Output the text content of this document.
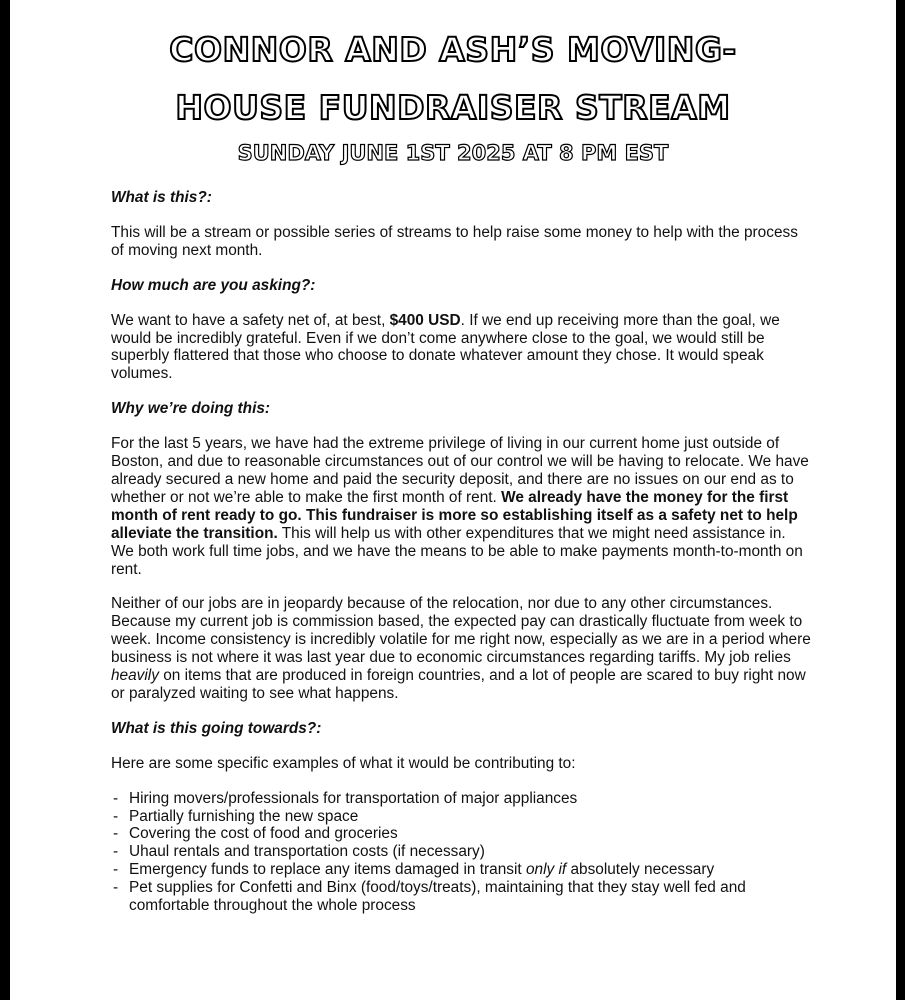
CONNOR AND ASH’S MOVING-
HOUSE FUNDRAISER STREAM
SUNDAY JUNE 1ST 2025 AT 8 PM EST

What is this?:

This will be a stream or possible series of streams to help raise some money to help with the process of moving next month.

How much are you asking?:

We want to have a safety net of, at best, $400 USD. If we end up receiving more than the goal, we would be incredibly grateful. Even if we don’t come anywhere close to the goal, we would still be superbly flattered that those who choose to donate whatever amount they chose. It would speak volumes.

Why we’re doing this:

For the last 5 years, we have had the extreme privilege of living in our current home just outside of Boston, and due to reasonable circumstances out of our control we will be having to relocate. We have already secured a new home and paid the security deposit, and there are no issues on our end as to whether or not we’re able to make the first month of rent. We already have the money for the first month of rent ready to go. This fundraiser is more so establishing itself as a safety net to help alleviate the transition. This will help us with other expenditures that we might need assistance in. We both work full time jobs, and we have the means to be able to make payments month-to-month on rent.

Neither of our jobs are in jeopardy because of the relocation, nor due to any other circumstances. Because my current job is commission based, the expected pay can drastically fluctuate from week to week. Income consistency is incredibly volatile for me right now, especially as we are in a period where business is not where it was last year due to economic circumstances regarding tariffs. My job relies heavily on items that are produced in foreign countries, and a lot of people are scared to buy right now or paralyzed waiting to see what happens.

What is this going towards?:

Here are some specific examples of what it would be contributing to:

- Hiring movers/professionals for transportation of major appliances
- Partially furnishing the new space
- Covering the cost of food and groceries
- Uhaul rentals and transportation costs (if necessary)
- Emergency funds to replace any items damaged in transit only if absolutely necessary
- Pet supplies for Confetti and Binx (food/toys/treats), maintaining that they stay well fed and comfortable throughout the whole process
